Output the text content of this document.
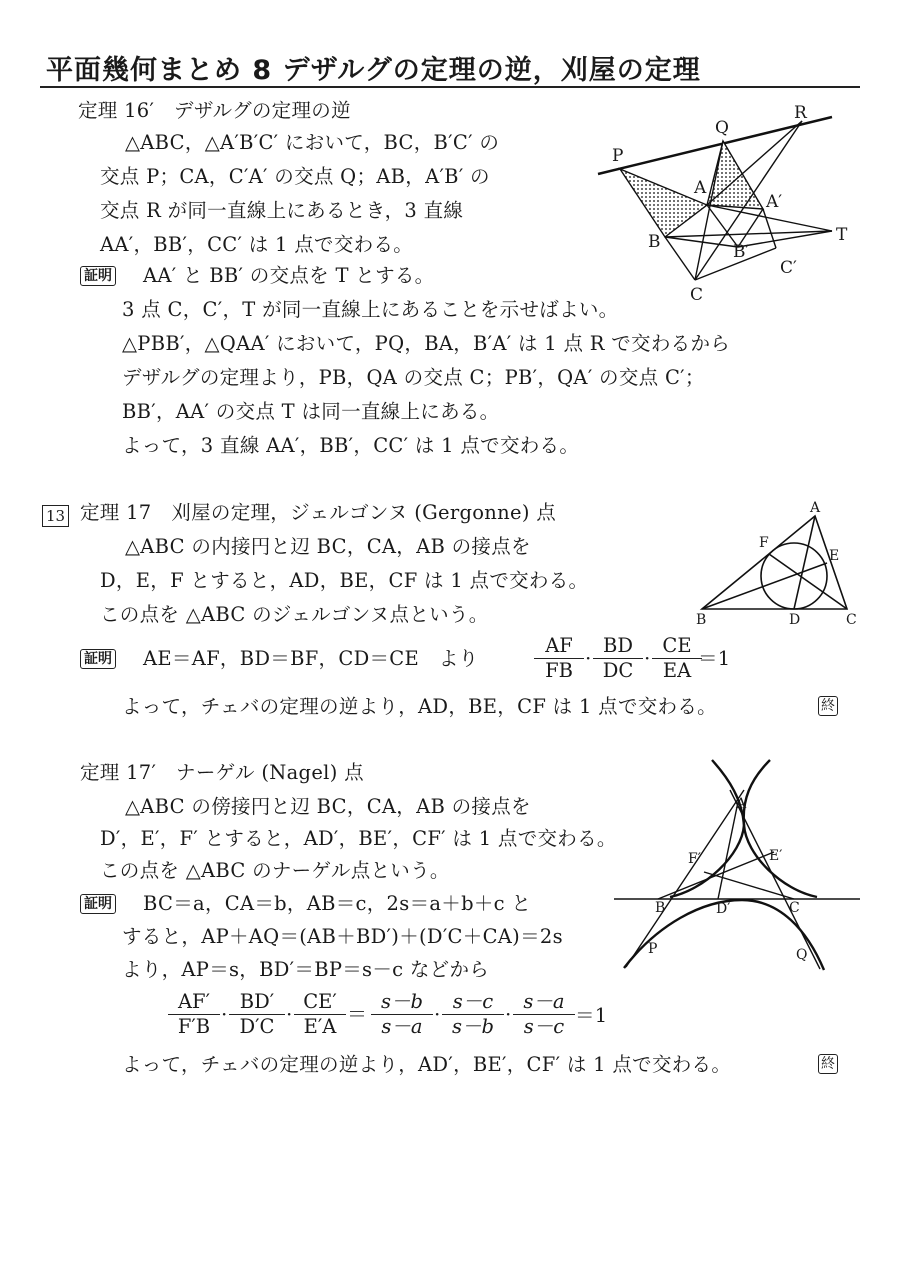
平面幾何まとめ 8 デザルグの定理の逆，刈屋の定理
定理 16′　デザルグの定理の逆
△ABC，△A′B′C′ において，BC，B′C′ の
交点 P；CA，C′A′ の交点 Q；AB，A′B′ の
交点 R が同一直線上にあるとき，3 直線
AA′，BB′，CC′ は 1 点で交わる。
証明 AA′ と BB′ の交点を T とする。
3 点 C，C′，T が同一直線上にあることを示せばよい。
△PBB′，△QAA′ において，PQ，BA，B′A′ は 1 点 R で交わるから
デザルグの定理より，PB，QA の交点 C；PB′，QA′ の交点 C′；
BB′，AA′ の交点 T は同一直線上にある。
よって，3 直線 AA′，BB′，CC′ は 1 点で交わる。
P
Q
R
A
A′
B	B′
C
C′
T
13 定理 17　刈屋の定理，ジェルゴンヌ (Gergonne) 点
△ABC の内接円と辺 BC，CA，AB の接点を
D，E，F とすると，AD，BE，CF は 1 点で交わる。
この点を △ABC のジェルゴンヌ点という。
証明 AE＝AF，BD＝BF，CD＝CE　より	$\frac{AF}{FB} \cdot \frac{BD}{DC} \cdot \frac{CE}{EA}$
＝1
よって，チェバの定理の逆より，AD，BE，CF は 1 点で交わる。	終
A
B	C
D
E
F
定理 17′　ナーゲル (Nagel) 点
△ABC の傍接円と辺 BC，CA，AB の接点を
D′，E′，F′ とすると，AD′，BE′，CF′ は 1 点で交わる。
この点を △ABC のナーゲル点という。
証明 BC＝a，CA＝b，AB＝c，2s＝a＋b＋c と
すると，AP＋AQ＝(AB＋BD′)＋(D′C＋CA)＝2s
より，AP＝s，BD′＝BP＝s－c などから
$\frac{AF'}{F'B} \cdot \frac{BD'}{D'C} \cdot \frac{CE'}{E'A} = \frac{s-b}{s-a} \cdot \frac{s-c}{s-b} \cdot \frac{s-a}{s-c} =1$
よって，チェバの定理の逆より，AD′，BE′，CF′ は 1 点で交わる。	終
A
B	C
D′
E′
F′
P	Q
